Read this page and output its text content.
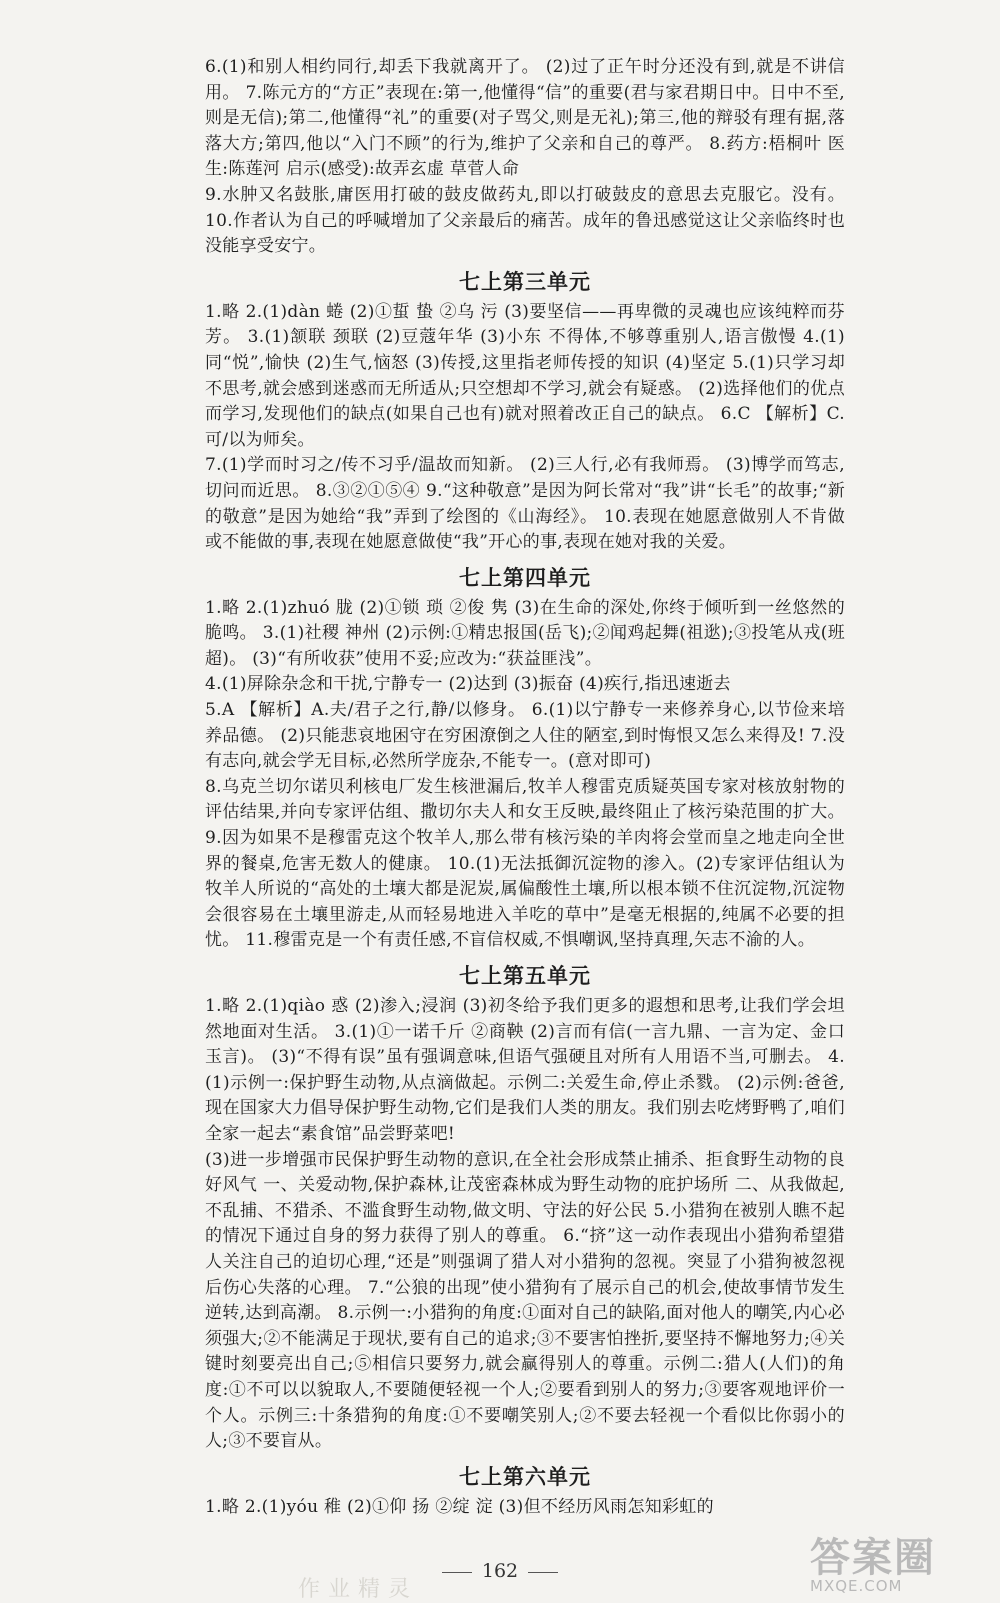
6.(1)和别人相约同行,却丢下我就离开了。 (2)过了正午时分还没有到,就是不讲信用。 7.陈元方的“方正”表现在:第一,他懂得“信”的重要(君与家君期日中。日中不至,则是无信);第二,他懂得“礼”的重要(对子骂父,则是无礼);第三,他的辩驳有理有据,落落大方;第四,他以“入门不顾”的行为,维护了父亲和自己的尊严。 8.药方:梧桐叶 医生:陈莲河 启示(感受):故弄玄虚 草菅人命

9.水肿又名鼓胀,庸医用打破的鼓皮做药丸,即以打破鼓皮的意思去克服它。没有。 10.作者认为自己的呼喊增加了父亲最后的痛苦。成年的鲁迅感觉这让父亲临终时也没能享受安宁。

七上第三单元

1.略 2.(1)dàn 蜷 (2)①蜇 蛰 ②乌 污 (3)要坚信——再卑微的灵魂也应该纯粹而芬芳。 3.(1)颔联 颈联 (2)豆蔻年华 (3)小东 不得体,不够尊重别人,语言傲慢 4.(1)同“悦”,愉快 (2)生气,恼怒 (3)传授,这里指老师传授的知识 (4)坚定 5.(1)只学习却不思考,就会感到迷惑而无所适从;只空想却不学习,就会有疑惑。 (2)选择他们的优点而学习,发现他们的缺点(如果自己也有)就对照着改正自己的缺点。 6.C 【解析】C.可/以为师矣。

7.(1)学而时习之/传不习乎/温故而知新。 (2)三人行,必有我师焉。 (3)博学而笃志,切问而近思。 8.③②①⑤④ 9.“这种敬意”是因为阿长常对“我”讲“长毛”的故事;“新的敬意”是因为她给“我”弄到了绘图的《山海经》。 10.表现在她愿意做别人不肯做或不能做的事,表现在她愿意做使“我”开心的事,表现在她对我的关爱。

七上第四单元

1.略 2.(1)zhuó 胧 (2)①锁 琐 ②俊 隽 (3)在生命的深处,你终于倾听到一丝悠然的脆鸣。 3.(1)社稷 神州 (2)示例:①精忠报国(岳飞);②闻鸡起舞(祖逖);③投笔从戎(班超)。 (3)“有所收获”使用不妥;应改为:“获益匪浅”。

4.(1)屏除杂念和干扰,宁静专一 (2)达到 (3)振奋 (4)疾行,指迅速逝去

5.A 【解析】A.夫/君子之行,静/以修身。 6.(1)以宁静专一来修养身心,以节俭来培养品德。 (2)只能悲哀地困守在穷困潦倒之人住的陋室,到时悔恨又怎么来得及! 7.没有志向,就会学无目标,必然所学庞杂,不能专一。(意对即可)

8.乌克兰切尔诺贝利核电厂发生核泄漏后,牧羊人穆雷克质疑英国专家对核放射物的评估结果,并向专家评估组、撒切尔夫人和女王反映,最终阻止了核污染范围的扩大。 9.因为如果不是穆雷克这个牧羊人,那么带有核污染的羊肉将会堂而皇之地走向全世界的餐桌,危害无数人的健康。 10.(1)无法抵御沉淀物的渗入。(2)专家评估组认为牧羊人所说的“高处的土壤大都是泥炭,属偏酸性土壤,所以根本锁不住沉淀物,沉淀物会很容易在土壤里游走,从而轻易地进入羊吃的草中”是毫无根据的,纯属不必要的担忧。 11.穆雷克是一个有责任感,不盲信权威,不惧嘲讽,坚持真理,矢志不渝的人。

七上第五单元

1.略 2.(1)qiào 惑 (2)渗入;浸润 (3)初冬给予我们更多的遐想和思考,让我们学会坦然地面对生活。 3.(1)①一诺千斤 ②商鞅 (2)言而有信(一言九鼎、一言为定、金口玉言)。 (3)“不得有误”虽有强调意味,但语气强硬且对所有人用语不当,可删去。 4.(1)示例一:保护野生动物,从点滴做起。示例二:关爱生命,停止杀戮。 (2)示例:爸爸,现在国家大力倡导保护野生动物,它们是我们人类的朋友。我们别去吃烤野鸭了,咱们全家一起去“素食馆”品尝野菜吧!

(3)进一步增强市民保护野生动物的意识,在全社会形成禁止捕杀、拒食野生动物的良好风气 一、关爱动物,保护森林,让茂密森林成为野生动物的庇护场所 二、从我做起,不乱捕、不猎杀、不滥食野生动物,做文明、守法的好公民 5.小猎狗在被别人瞧不起的情况下通过自身的努力获得了别人的尊重。 6.“挤”这一动作表现出小猎狗希望猎人关注自己的迫切心理,“还是”则强调了猎人对小猎狗的忽视。突显了小猎狗被忽视后伤心失落的心理。 7.“公狼的出现”使小猎狗有了展示自己的机会,使故事情节发生逆转,达到高潮。 8.示例一:小猎狗的角度:①面对自己的缺陷,面对他人的嘲笑,内心必须强大;②不能满足于现状,要有自己的追求;③不要害怕挫折,要坚持不懈地努力;④关键时刻要亮出自己;⑤相信只要努力,就会赢得别人的尊重。示例二:猎人(人们)的角度:①不可以以貌取人,不要随便轻视一个人;②要看到别人的努力;③要客观地评价一个人。示例三:十条猎狗的角度:①不要嘲笑别人;②不要去轻视一个看似比你弱小的人;③不要盲从。

七上第六单元

1.略 2.(1)yóu 稚 (2)①仰 扬 ②绽 淀 (3)但不经历风雨怎知彩虹的

162
作业精灵
答案圈
MXQE.COM
